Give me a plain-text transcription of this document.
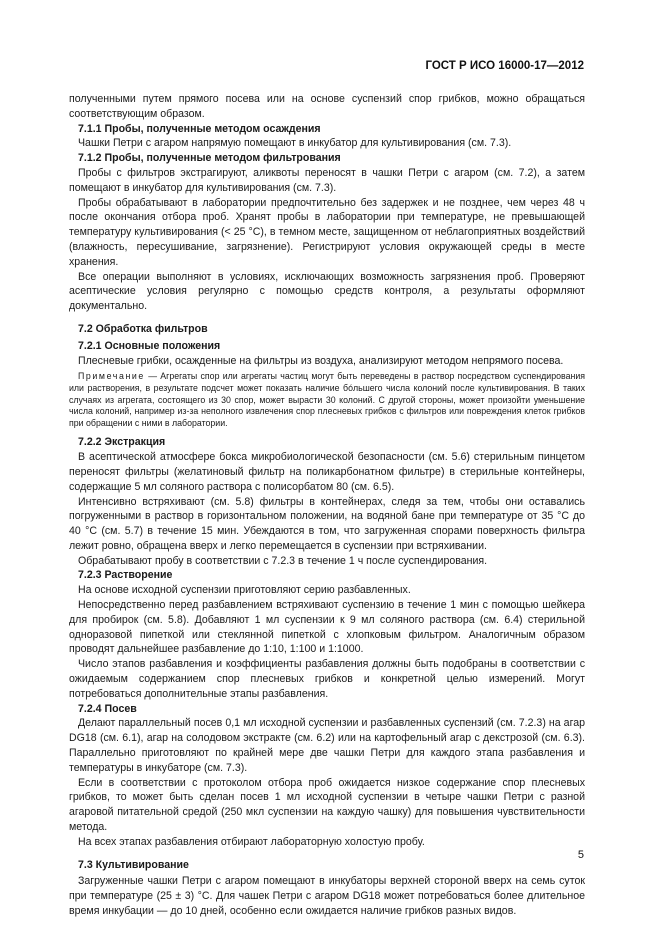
ГОСТ Р ИСО 16000-17—2012

полученными путем прямого посева или на основе суспензий спор грибков, можно обращаться соответствующим образом.

7.1.1 Пробы, полученные методом осаждения

Чашки Петри с агаром напрямую помещают в инкубатор для культивирования (см. 7.3).

7.1.2 Пробы, полученные методом фильтрования

Пробы с фильтров экстрагируют, аликвоты переносят в чашки Петри с агаром (см. 7.2), а затем помещают в инкубатор для культивирования (см. 7.3).

Пробы обрабатывают в лаборатории предпочтительно без задержек и не позднее, чем через 48 ч после окончания отбора проб. Хранят пробы в лаборатории при температуре, не превышающей температуру культивирования (< 25 °С), в темном месте, защищенном от неблагоприятных воздействий (влажность, пересушивание, загрязнение). Регистрируют условия окружающей среды в месте хранения.

Все операции выполняют в условиях, исключающих возможность загрязнения проб. Проверяют асептические условия регулярно с помощью средств контроля, а результаты оформляют документально.

7.2 Обработка фильтров

7.2.1 Основные положения

Плесневые грибки, осажденные на фильтры из воздуха, анализируют методом непрямого посева.

Примечание — Агрегаты спор или агрегаты частиц могут быть переведены в раствор посредством суспендирования или растворения, в результате подсчет может показать наличие бóльшего числа колоний после культивирования. В таких случаях из агрегата, состоящего из 30 спор, может вырасти 30 колоний. С другой стороны, может произойти уменьшение числа колоний, например из-за неполного извлечения спор плесневых грибков с фильтров или повреждения клеток грибков при обращении с ними в лаборатории.

7.2.2 Экстракция

В асептической атмосфере бокса микробиологической безопасности (см. 5.6) стерильным пинцетом переносят фильтры (желатиновый фильтр на поликарбонатном фильтре) в стерильные контейнеры, содержащие 5 мл соляного раствора с полисорбатом 80 (см. 6.5).

Интенсивно встряхивают (см. 5.8) фильтры в контейнерах, следя за тем, чтобы они оставались погруженными в раствор в горизонтальном положении, на водяной бане при температуре от 35 °С до 40 °С (см. 5.7) в течение 15 мин. Убеждаются в том, что загруженная спорами поверхность фильтра лежит ровно, обращена вверх и легко перемещается в суспензии при встряхивании.

Обрабатывают пробу в соответствии с 7.2.3 в течение 1 ч после суспендирования.

7.2.3 Растворение

На основе исходной суспензии приготовляют серию разбавленных.

Непосредственно перед разбавлением встряхивают суспензию в течение 1 мин с помощью шейкера для пробирок (см. 5.8). Добавляют 1 мл суспензии к 9 мл соляного раствора (см. 6.4) стерильной одноразовой пипеткой или стеклянной пипеткой с хлопковым фильтром. Аналогичным образом проводят дальнейшее разбавление до 1:10, 1:100 и 1:1000.

Число этапов разбавления и коэффициенты разбавления должны быть подобраны в соответствии с ожидаемым содержанием спор плесневых грибков и конкретной целью измерений. Могут потребоваться дополнительные этапы разбавления.

7.2.4 Посев

Делают параллельный посев 0,1 мл исходной суспензии и разбавленных суспензий (см. 7.2.3) на агар DG18 (см. 6.1), агар на солодовом экстракте (см. 6.2) или на картофельный агар с декстрозой (см. 6.3). Параллельно приготовляют по крайней мере две чашки Петри для каждого этапа разбавления и температуры в инкубаторе (см. 7.3).

Если в соответствии с протоколом отбора проб ожидается низкое содержание спор плесневых грибков, то может быть сделан посев 1 мл исходной суспензии в четыре чашки Петри с разной агаровой питательной средой (250 мкл суспензии на каждую чашку) для повышения чувствительности метода.

На всех этапах разбавления отбирают лабораторную холостую пробу.

7.3 Культивирование

Загруженные чашки Петри с агаром помещают в инкубаторы верхней стороной вверх на семь суток при температуре (25 ± 3) °С. Для чашек Петри с агаром DG18 может потребоваться более длительное время инкубации — до 10 дней, особенно если ожидается наличие грибков разных видов.

5
